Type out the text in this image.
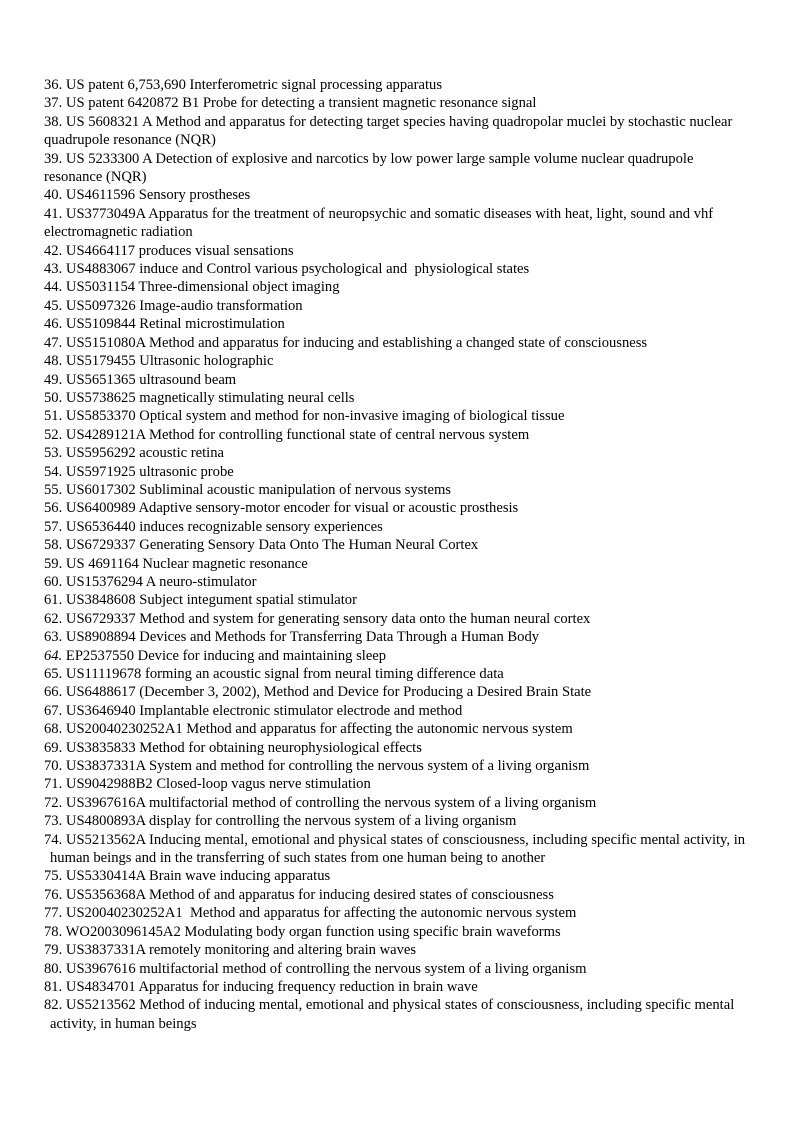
36. US patent 6,753,690 Interferometric signal processing apparatus

37. US patent 6420872 B1 Probe for detecting a transient magnetic resonance signal

38. US 5608321 A Method and apparatus for detecting target species having quadropolar muclei by stochastic nuclear quadrupole resonance (NQR)

39. US 5233300 A Detection of explosive and narcotics by low power large sample volume nuclear quadrupole resonance (NQR)

40. US4611596 Sensory prostheses

41. US3773049A Apparatus for the treatment of neuropsychic and somatic diseases with heat, light, sound and vhf electromagnetic radiation

42. US4664117 produces visual sensations

43. US4883067 induce and Control various psychological and  physiological states

44. US5031154 Three-dimensional object imaging

45. US5097326 Image-audio transformation

46. US5109844 Retinal microstimulation

47. US5151080A Method and apparatus for inducing and establishing a changed state of consciousness

48. US5179455 Ultrasonic holographic

49. US5651365 ultrasound beam

50. US5738625 magnetically stimulating neural cells

51. US5853370 Optical system and method for non-invasive imaging of biological tissue

52. US4289121A Method for controlling functional state of central nervous system

53. US5956292 acoustic retina

54. US5971925 ultrasonic probe

55. US6017302 Subliminal acoustic manipulation of nervous systems

56. US6400989 Adaptive sensory-motor encoder for visual or acoustic prosthesis

57. US6536440 induces recognizable sensory experiences

58. US6729337 Generating Sensory Data Onto The Human Neural Cortex

59. US 4691164 Nuclear magnetic resonance

60. US15376294 A neuro-stimulator

61. US3848608 Subject integument spatial stimulator

62. US6729337 Method and system for generating sensory data onto the human neural cortex

63. US8908894 Devices and Methods for Transferring Data Through a Human Body

64. EP2537550 Device for inducing and maintaining sleep

65. US11119678 forming an acoustic signal from neural timing difference data

66. US6488617 (December 3, 2002), Method and Device for Producing a Desired Brain State

67. US3646940 Implantable electronic stimulator electrode and method

68. US20040230252A1 Method and apparatus for affecting the autonomic nervous system

69. US3835833 Method for obtaining neurophysiological effects

70. US3837331A System and method for controlling the nervous system of a living organism

71. US9042988B2 Closed-loop vagus nerve stimulation

72. US3967616A multifactorial method of controlling the nervous system of a living organism

73. US4800893A display for controlling the nervous system of a living organism

74. US5213562A Inducing mental, emotional and physical states of consciousness, including specific mental activity, in human beings and in the transferring of such states from one human being to another

75. US5330414A Brain wave inducing apparatus

76. US5356368A Method of and apparatus for inducing desired states of consciousness

77. US20040230252A1  Method and apparatus for affecting the autonomic nervous system

78. WO2003096145A2 Modulating body organ function using specific brain waveforms

79. US3837331A remotely monitoring and altering brain waves

80. US3967616 multifactorial method of controlling the nervous system of a living organism

81. US4834701 Apparatus for inducing frequency reduction in brain wave

82. US5213562 Method of inducing mental, emotional and physical states of consciousness, including specific mental activity, in human beings
